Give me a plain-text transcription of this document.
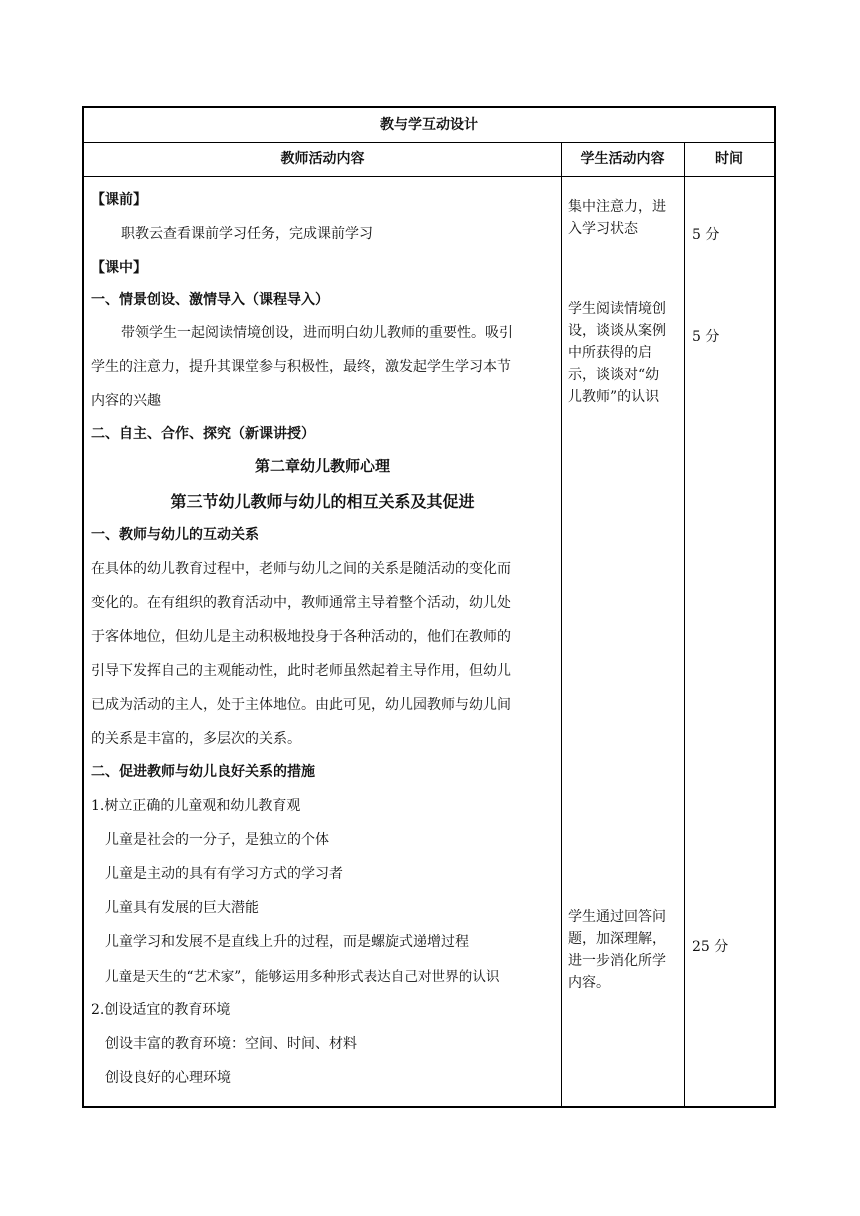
教与学互动设计
教师活动内容	学生活动内容	时间
【课前】
职教云查看课前学习任务，完成课前学习
【课中】
一、情景创设、激情导入（课程导入）
带领学生一起阅读情境创设，进而明白幼儿教师的重要性。吸引
学生的注意力，提升其课堂参与积极性，最终，激发起学生学习本节
内容的兴趣
二、自主、合作、探究（新课讲授）
第二章幼儿教师心理
第三节幼儿教师与幼儿的相互关系及其促进
一、教师与幼儿的互动关系
在具体的幼儿教育过程中，老师与幼儿之间的关系是随活动的变化而
变化的。在有组织的教育活动中，教师通常主导着整个活动，幼儿处
于客体地位，但幼儿是主动积极地投身于各种活动的，他们在教师的
引导下发挥自己的主观能动性，此时老师虽然起着主导作用，但幼儿
已成为活动的主人，处于主体地位。由此可见，幼儿园教师与幼儿间
的关系是丰富的，多层次的关系。
二、促进教师与幼儿良好关系的措施
1.树立正确的儿童观和幼儿教育观
儿童是社会的一分子，是独立的个体
儿童是主动的具有有学习方式的学习者
儿童具有发展的巨大潜能
儿童学习和发展不是直线上升的过程，而是螺旋式递增过程
儿童是天生的“艺术家”，能够运用多种形式表达自己对世界的认识
2.创设适宜的教育环境
创设丰富的教育环境：空间、时间、材料
创设良好的心理环境
集中注意力，进
入学习状态
学生阅读情境创
设，谈谈从案例
中所获得的启
示，谈谈对“幼
儿教师”的认识
学生通过回答问
题，加深理解，
进一步消化所学
内容。
5 分
5 分
25 分
